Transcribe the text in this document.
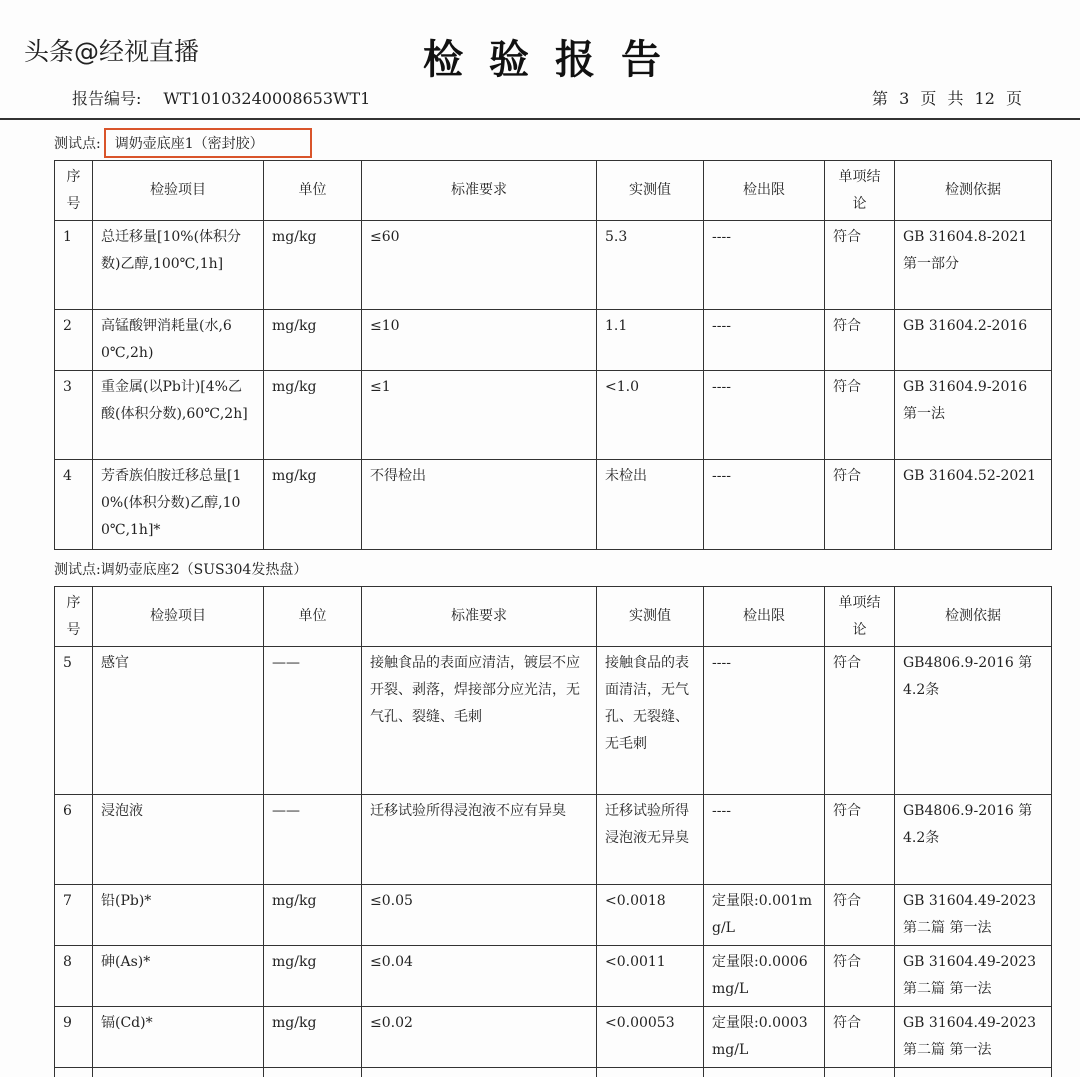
头条@经视直播	检验报告
报告编号: WT10103240008653WT1	第 3 页 共 12 页
测试点: 调奶壶底座1（密封胶）
序号	检验项目	单位	标准要求	实测值	检出限	单项结论	检测依据
1	总迁移量[10%(体积分数)乙醇,100℃,1h]	mg/kg	≤60	5.3	----	符合	GB 31604.8-2021 第一部分
2	高锰酸钾消耗量(水,60℃,2h)	mg/kg	≤10	1.1	----	符合	GB 31604.2-2016
3	重金属(以Pb计)[4%乙酸(体积分数),60℃,2h]	mg/kg	≤1	<1.0	----	符合	GB 31604.9-2016 第一法
4	芳香族伯胺迁移总量[10%(体积分数)乙醇,100℃,1h]*	mg/kg	不得检出	未检出	----	符合	GB 31604.52-2021
测试点:调奶壶底座2（SUS304发热盘）
序号	检验项目	单位	标准要求	实测值	检出限	单项结论	检测依据
5	感官	——	接触食品的表面应清洁，镀层不应开裂、剥落，焊接部分应光洁，无气孔、裂缝、毛刺	接触食品的表面清洁，无气孔、无裂缝、无毛刺	----	符合	GB4806.9-2016 第4.2条
6	浸泡液	——	迁移试验所得浸泡液不应有异臭	迁移试验所得浸泡液无异臭	----	符合	GB4806.9-2016 第4.2条
7	铅(Pb)*	mg/kg	≤0.05	<0.0018	定量限:0.001mg/L	符合	GB 31604.49-2023 第二篇 第一法
8	砷(As)*	mg/kg	≤0.04	<0.0011	定量限:0.0006mg/L	符合	GB 31604.49-2023 第二篇 第一法
9	镉(Cd)*	mg/kg	≤0.02	<0.00053	定量限:0.0003mg/L	符合	GB 31604.49-2023 第二篇 第一法
